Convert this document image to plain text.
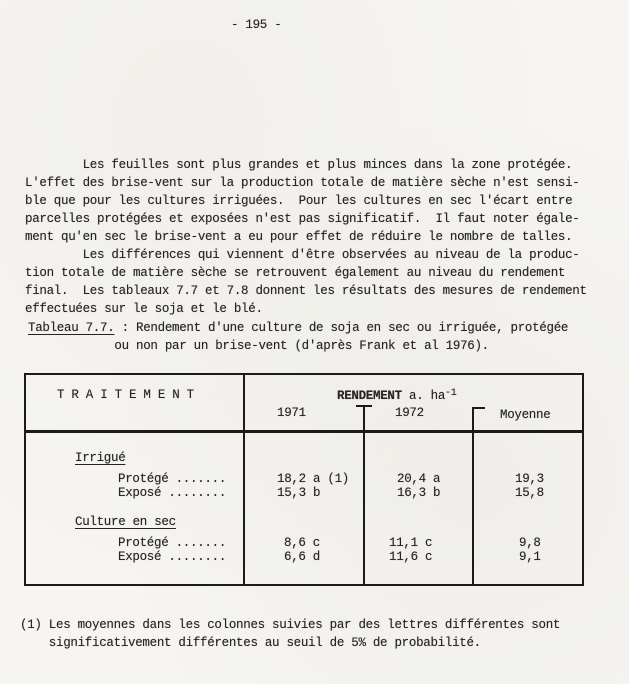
- 195 -
Les feuilles sont plus grandes et plus minces dans la zone protégée.
L'effet des brise-vent sur la production totale de matière sèche n'est sensi-
ble que pour les cultures irriguées.  Pour les cultures en sec l'écart entre
parcelles protégées et exposées n'est pas significatif.  Il faut noter égale-
ment qu'en sec le brise-vent a eu pour effet de réduire le nombre de talles.
Les différences qui viennent d'être observées au niveau de la produc-
tion totale de matière sèche se retrouvent également au niveau du rendement
final.  Les tableaux 7.7 et 7.8 donnent les résultats des mesures de rendement
effectuées sur le soja et le blé.
Tableau 7.7. : Rendement d'une culture de soja en sec ou irriguée, protégée
ou non par un brise-vent (d'après Frank et al 1976).
T R A I T E M E N T	RENDEMENT a. $ha^{-1}$
1971	1972	Moyenne
Irrigué
Protégé .......	18,2 a (1)	20,4 a	19,3
Exposé ........	15,3 b	16,3 b	15,8
Culture en sec
Protégé .......	8,6 c	11,1 c	9,8
Exposé ........	6,6 d	11,6 c	9,1
(1) Les moyennes dans les colonnes suivies par des lettres différentes sont
significativement différentes au seuil de 5% de probabilité.
